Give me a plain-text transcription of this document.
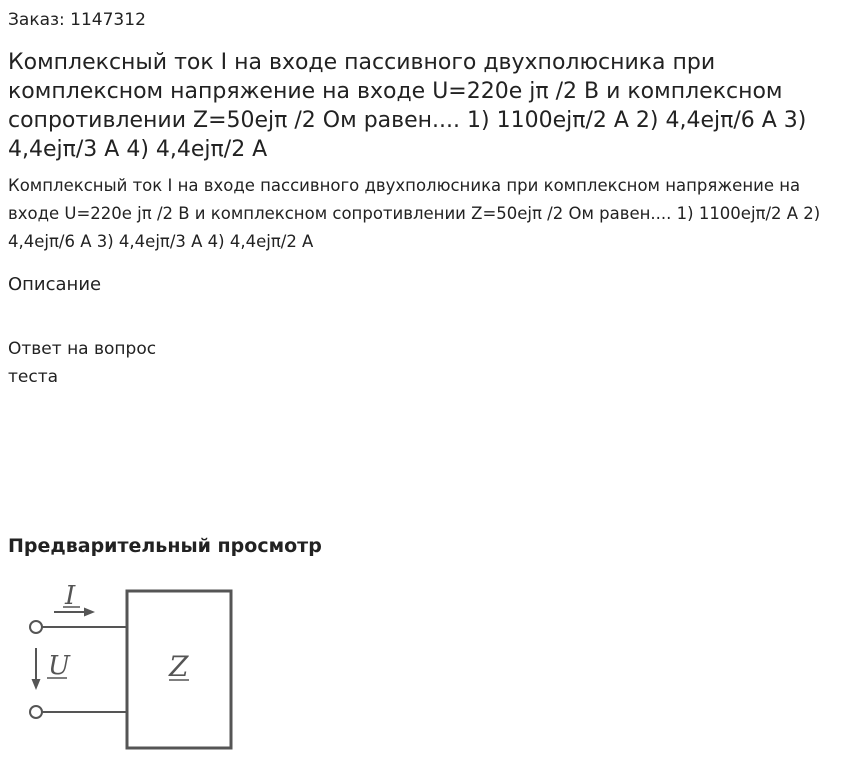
Заказ: 1147312
Комплексный ток I на входе пассивного двухполюсника при комплексном напряжение на входе U=220e jπ /2 В и комплексном сопротивлении Z=50ejπ /2 Ом равен.... 1) 1100ejπ/2 А 2) 4,4ejπ/6 А 3) 4,4ejπ/3 А 4) 4,4ejπ/2 А

Комплексный ток I на входе пассивного двухполюсника при комплексном напряжение на входе U=220e jπ /2 В и комплексном сопротивлении Z=50ejπ /2 Ом равен.... 1) 1100ejπ/2 А 2) 4,4ejπ/6 А 3) 4,4ejπ/3 А 4) 4,4ejπ/2 А

Описание
Ответ на вопрос теста
Предварительный просмотр
I
U	Z
